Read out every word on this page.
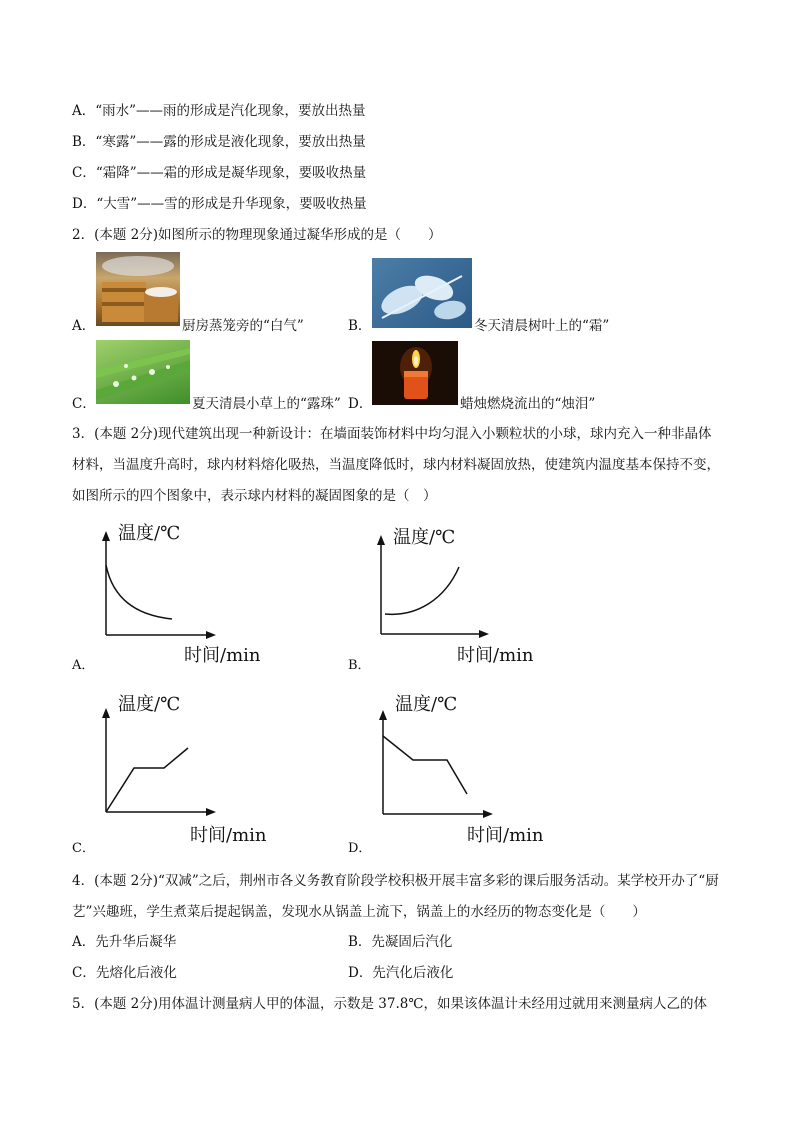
A．“雨水”——雨的形成是汽化现象，要放出热量
B．“寒露”——露的形成是液化现象，要放出热量
C．“霜降”——霜的形成是凝华现象，要吸收热量
D．“大雪”——雪的形成是升华现象，要吸收热量
2．(本题 2分)如图所示的物理现象通过凝华形成的是（　　）
A．	厨房蒸笼旁的“白气”	B．	冬天清晨树叶上的“霜”
C．	夏天清晨小草上的“露珠” D．	蜡烛燃烧流出的“烛泪”
3．(本题 2分)现代建筑出现一种新设计：在墙面装饰材料中均匀混入小颗粒状的小球，球内充入一种非晶体材料，当温度升高时，球内材料熔化吸热，当温度降低时，球内材料凝固放热，使建筑内温度基本保持不变，如图所示的四个图象中，表示球内材料的凝固图象的是（　）
A．
温度/℃
时间/min	B．
温度/℃
时间/min
C．
温度/℃
时间/min
D．
温度/℃
时间/min
4．(本题 2分)“双减”之后，荆州市各义务教育阶段学校积极开展丰富多彩的课后服务活动。某学校开办了“厨艺”兴趣班，学生煮菜后提起锅盖，发现水从锅盖上流下，锅盖上的水经历的物态变化是（　　）
A．先升华后凝华	B．先凝固后汽化
C．先熔化后液化	D．先汽化后液化
5．(本题 2分)用体温计测量病人甲的体温，示数是 37.8℃，如果该体温计未经用过就用来测量病人乙的体
